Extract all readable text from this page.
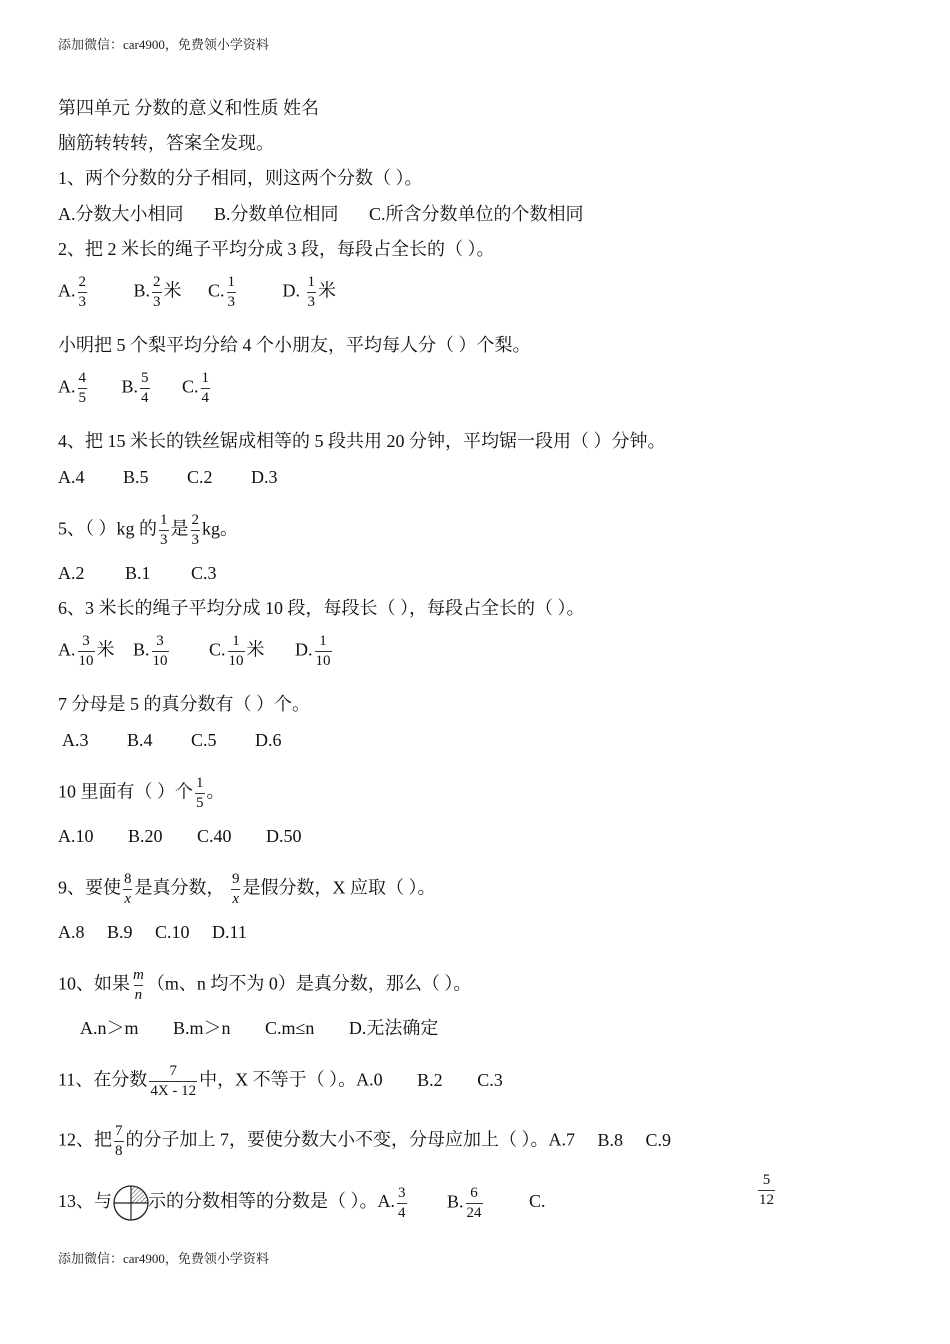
添加微信：car4900，免费领小学资料
第四单元 分数的意义和性质 姓名
脑筋转转转，答案全发现。
1、两个分数的分子相同，则这两个分数（ ）。
A.分数大小相同 B.分数单位相同 C.所含分数单位的个数相同
2、把 2 米长的绳子平均分成 3 段，每段占全长的（ ）。
A. $\frac{2}{3}$	B. $\frac{2}{3}$ 米 C. $\frac{1}{3}$	D. $\frac{1}{3}$ 米
小明把 5 个梨平均分给 4 个小朋友，平均每人分（ ）个梨。
A. $\frac{4}{5} B$. $\frac{5}{4} C$. $\frac{1}{4}$
4、把 15 米长的铁丝锯成相等的 5 段共用 20 分钟，平均锯一段用（ ）分钟。
A.4 B.5 C.2 D.3
5、（ ）kg 的 $\frac{1}{3}$ 是 $\frac{2}{3}$ kg。
A.2 B.1 C.3
6、3 米长的绳子平均分成 10 段，每段长（ ），每段占全长的（ ）。
A. $\frac{3}{10}$ 米 B. $\frac{3}{10} C$. $\frac{1}{10}$ 米 D. $\frac{1}{10}$
7 分母是 5 的真分数有（ ）个。
A.3 B.4 C.5 D.6
10 里面有（ ）个 $\frac{1}{5}$ 。
A.10 B.20 C.40 D.50
9、要使 $\frac{8}{x}$ 是真分数， $\frac{9}{x}$ 是假分数，X 应取（ ）。
A.8 B.9 C.10 D.11
10、如果 $\frac{m}{n} (m$、n 均不为 0）是真分数，那么（ ）。
A.n＞m B.m＞n C.m≤n D.无法确定
11、在分数 $\frac{7}{4X - 12}$ 中，X 不等于（ ）。A.0 B.2 C.3
12、把 $\frac{7}{8}$ 的分子加上 7，要使分数大小不变，分母应加上（ ）。A.7 B.8 C.9
13、与 示的分数相等的分数是（ ）。A. $\frac{3}{4} B$. $\frac{6}{24}$	C.	$\frac{5}{12}$
添加微信：car4900，免费领小学资料
